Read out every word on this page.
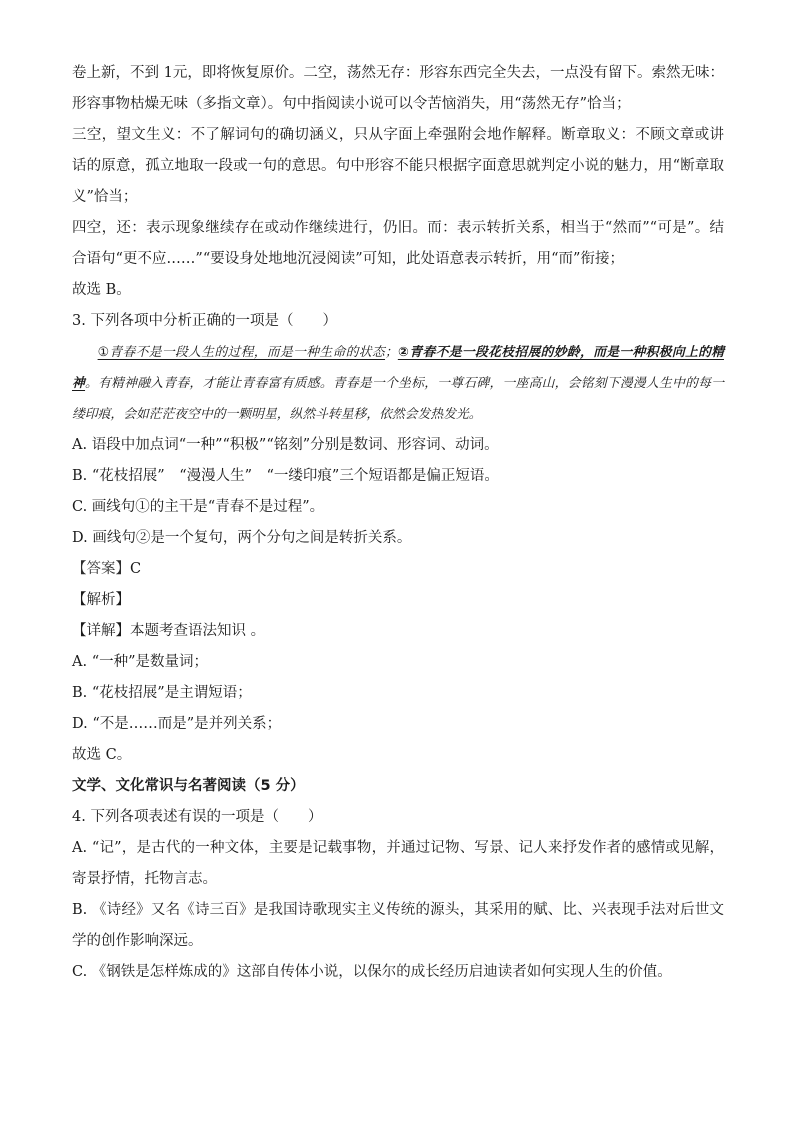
卷上新，不到 1元，即将恢复原价。二空，荡然无存：形容东西完全失去，一点没有留下。索然无味：形容事物枯燥无味（多指文章）。句中指阅读小说可以令苦恼消失，用“荡然无存”恰当；

三空，望文生义：不了解词句的确切涵义，只从字面上牵强附会地作解释。断章取义：不顾文章或讲话的原意，孤立地取一段或一句的意思。句中形容不能只根据字面意思就判定小说的魅力，用“断章取义”恰当；

四空，还：表示现象继续存在或动作继续进行，仍旧。而：表示转折关系，相当于“然而”“可是”。结合语句“更不应……”“要设身处地地沉浸阅读”可知，此处语意表示转折，用“而”衔接；

故选 B。

3. 下列各项中分析正确的一项是（　　）

①青春不是一段人生的过程，而是一种生命的状态；②青春不是一段花枝招展的妙龄，而是一种积极向上的精神。有精神融入青春，才能让青春富有质感。青春是一个坐标，一尊石碑，一座高山，会铭刻下漫漫人生中的每一缕印痕，会如茫茫夜空中的一颗明星，纵然斗转星移，依然会发热发光。

A. 语段中加点词“一种”“积极”“铭刻”分别是数词、形容词、动词。

B. “花枝招展”　“漫漫人生”　“一缕印痕”三个短语都是偏正短语。

C. 画线句①的主干是“青春不是过程”。

D. 画线句②是一个复句，两个分句之间是转折关系。

【答案】C

【解析】

【详解】本题考查语法知识 。

A. “一种”是数量词；

B. “花枝招展”是主谓短语；

D. “不是……而是”是并列关系；

故选 C。

文学、文化常识与名著阅读（5 分）

4. 下列各项表述有误的一项是（　　）

A. “记”，是古代的一种文体，主要是记载事物，并通过记物、写景、记人来抒发作者的感情或见解，寄景抒情，托物言志。

B. 《诗经》又名《诗三百》是我国诗歌现实主义传统的源头，其采用的赋、比、兴表现手法对后世文学的创作影响深远。

C. 《钢铁是怎样炼成的》这部自传体小说，以保尔的成长经历启迪读者如何实现人生的价值。
